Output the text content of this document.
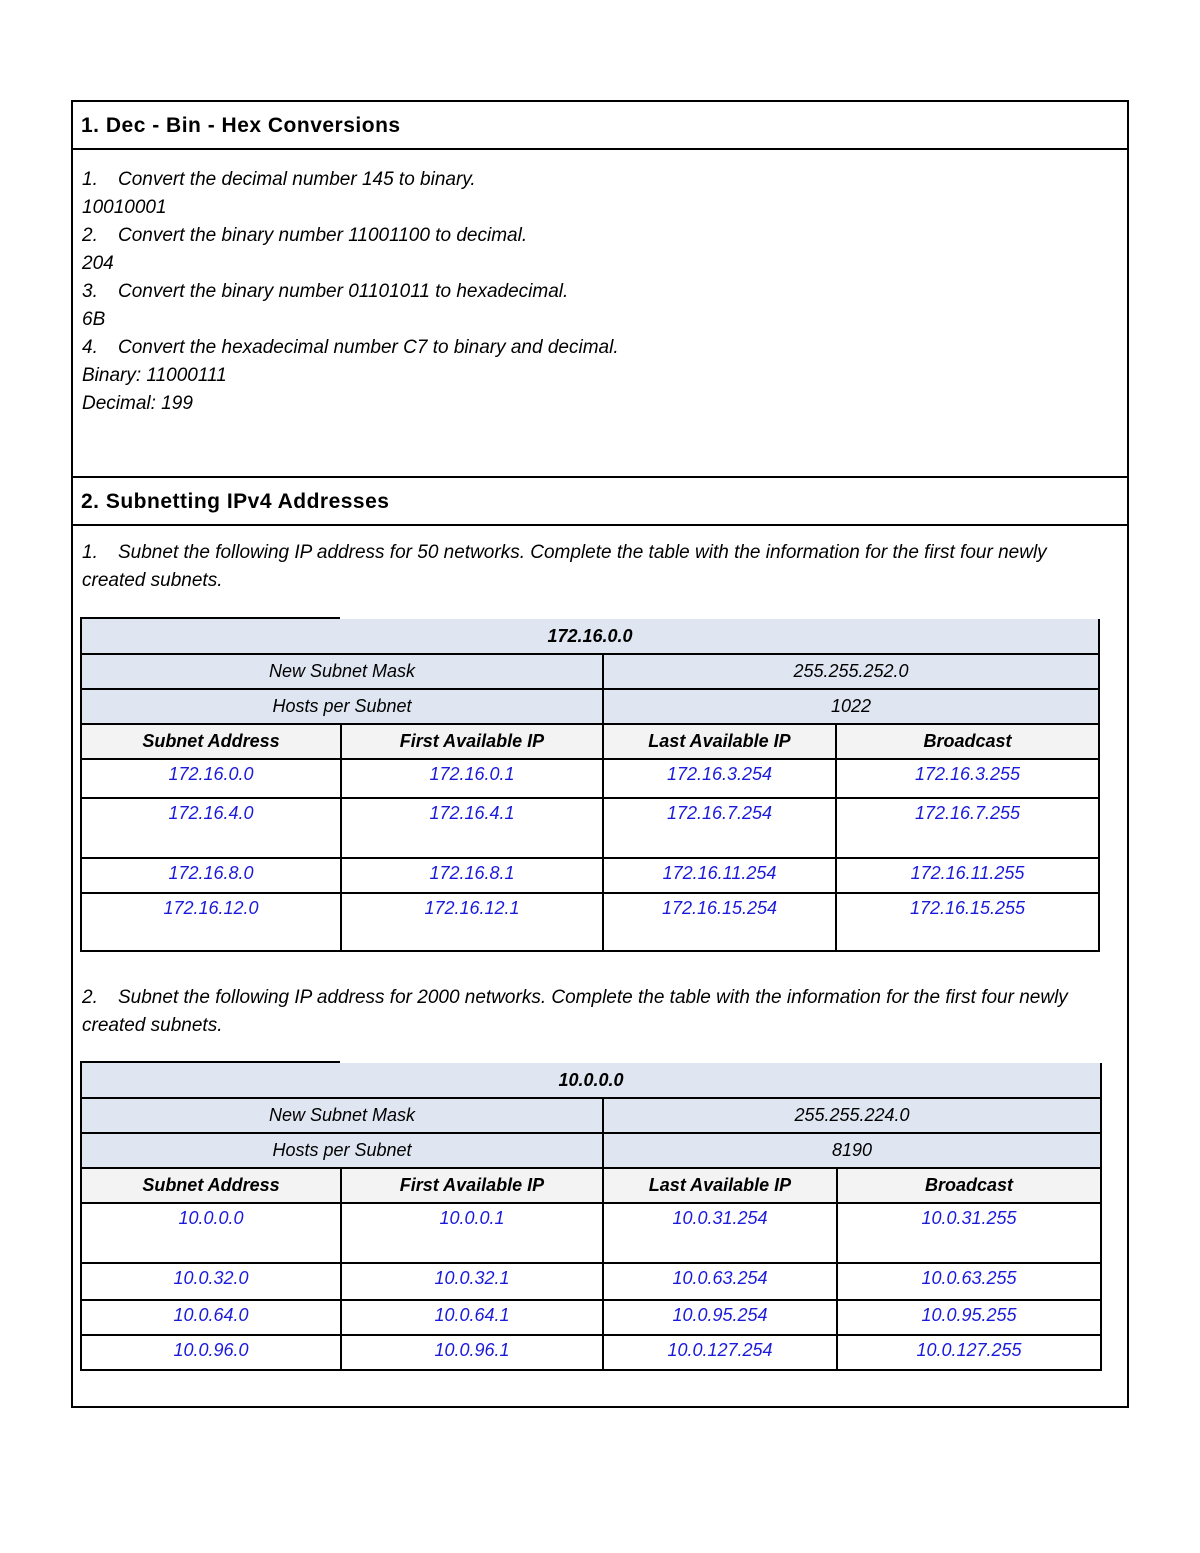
1. Dec - Bin - Hex Conversions
1. Convert the decimal number 145 to binary.
10010001
2. Convert the binary number 11001100 to decimal.
204
3. Convert the binary number 01101011 to hexadecimal.
6B
4. Convert the hexadecimal number C7 to binary and decimal.
Binary: 11000111
Decimal: 199
2. Subnetting IPv4 Addresses
1. Subnet the following IP address for 50 networks. Complete the table with the information for the first four newly created subnets.
2. Subnet the following IP address for 2000 networks. Complete the table with the information for the first four newly created subnets.
172.16.0.0			
New Subnet Mask		255.255.252.0	
Hosts per Subnet		1022	
Subnet Address	First Available IP	Last Available IP	Broadcast
172.16.0.0	172.16.0.1	172.16.3.254	172.16.3.255
172.16.4.0	172.16.4.1	172.16.7.254	172.16.7.255
172.16.8.0	172.16.8.1	172.16.11.254	172.16.11.255
172.16.12.0	172.16.12.1	172.16.15.254	172.16.15.255
10.0.0.0			
New Subnet Mask		255.255.224.0	
Hosts per Subnet		8190	
Subnet Address	First Available IP	Last Available IP	Broadcast
10.0.0.0	10.0.0.1	10.0.31.254	10.0.31.255
10.0.32.0	10.0.32.1	10.0.63.254	10.0.63.255
10.0.64.0	10.0.64.1	10.0.95.254	10.0.95.255
10.0.96.0	10.0.96.1	10.0.127.254	10.0.127.255
